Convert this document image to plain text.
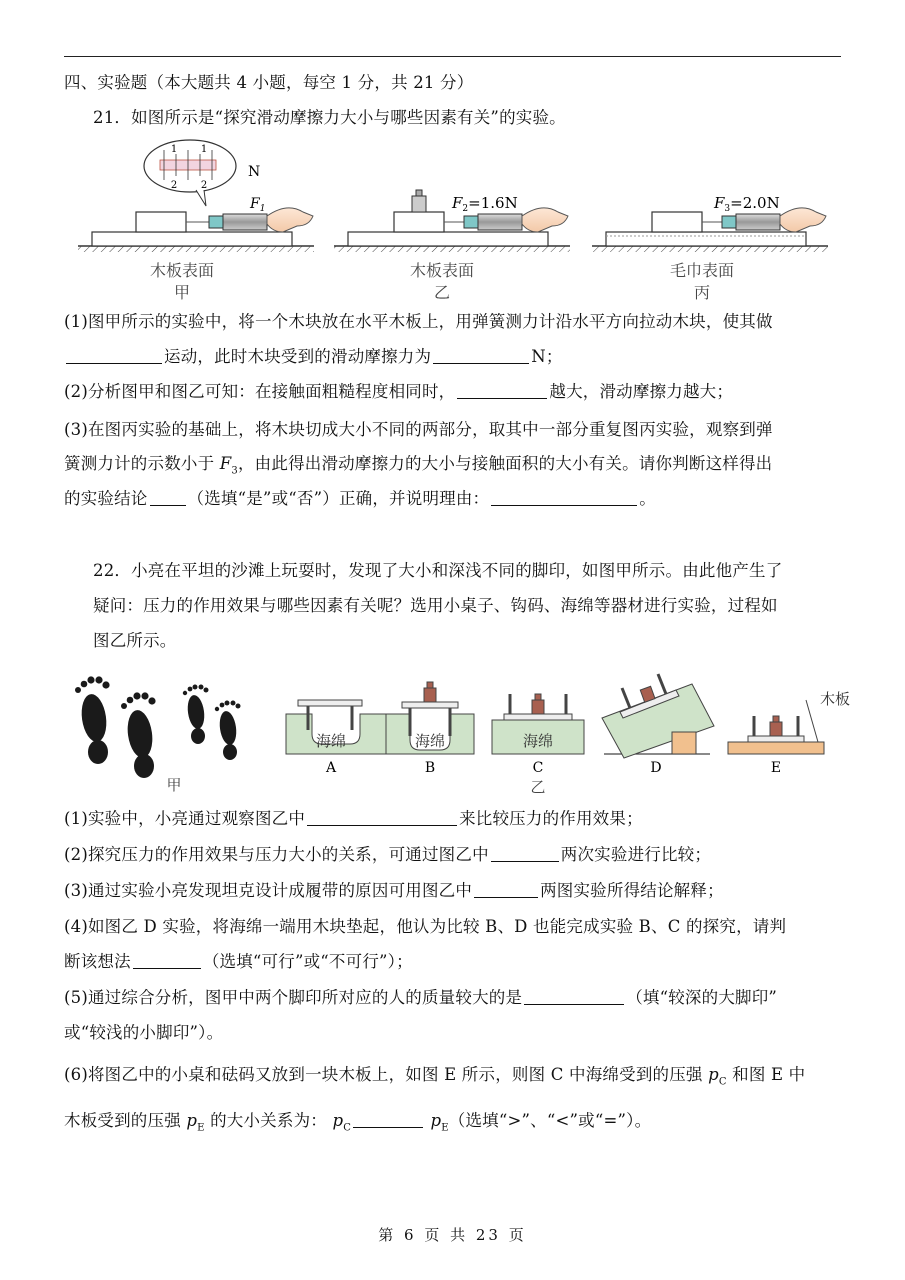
四、实验题（本大题共 4 小题，每空 1 分，共 21 分）
21．如图所示是“探究滑动摩擦力大小与哪些因素有关”的实验。
1 1
2 2
N
$F_1$
木板表面
甲
$F_2=1.6N$
木板表面
乙
$F_3=2.0N$
毛巾表面
丙
(1)图甲所示的实验中，将一个木块放在水平木板上，用弹簧测力计沿水平方向拉动木块，使其做
运动，此时木块受到的滑动摩擦力为	N；
(2)分析图甲和图乙可知：在接触面粗糙程度相同时，	越大，滑动摩擦力越大；
(3)在图丙实验的基础上，将木块切成大小不同的两部分，取其中一部分重复图丙实验，观察到弹
簧测力计的示数小于 $F_3$，由此得出滑动摩擦力的大小与接触面积的大小有关。请你判断这样得出
的实验结论 （选填“是”或“否”）正确，并说明理由：	。
22．小亮在平坦的沙滩上玩耍时，发现了大小和深浅不同的脚印，如图甲所示。由此他产生了
疑问：压力的作用效果与哪些因素有关呢？选用小桌子、钩码、海绵等器材进行实验，过程如
图乙所示。
甲
海绵
A
海绵
B
海绵
C
乙
D
木板
E
(1)实验中，小亮通过观察图乙中	来比较压力的作用效果；
(2)探究压力的作用效果与压力大小的关系，可通过图乙中	两次实验进行比较；
(3)通过实验小亮发现坦克设计成履带的原因可用图乙中	两图实验所得结论解释；
(4)如图乙 D 实验，将海绵一端用木块垫起，他认为比较 B、D 也能完成实验 B、C 的探究，请判
断该想法	（选填“可行”或“不可行”）；
(5)通过综合分析，图甲中两个脚印所对应的人的质量较大的是	（填“较深的大脚印”
或“较浅的小脚印”）。
(6)将图乙中的小桌和砝码又放到一块木板上，如图 E 所示，则图 C 中海绵受到的压强 $p_C$ 和图 E 中
木板受到的压强 $p_E$ 的大小关系为： $p_C$	$p_E$（选填“>”、“<”或“=”）。
第 6 页 共 23 页
